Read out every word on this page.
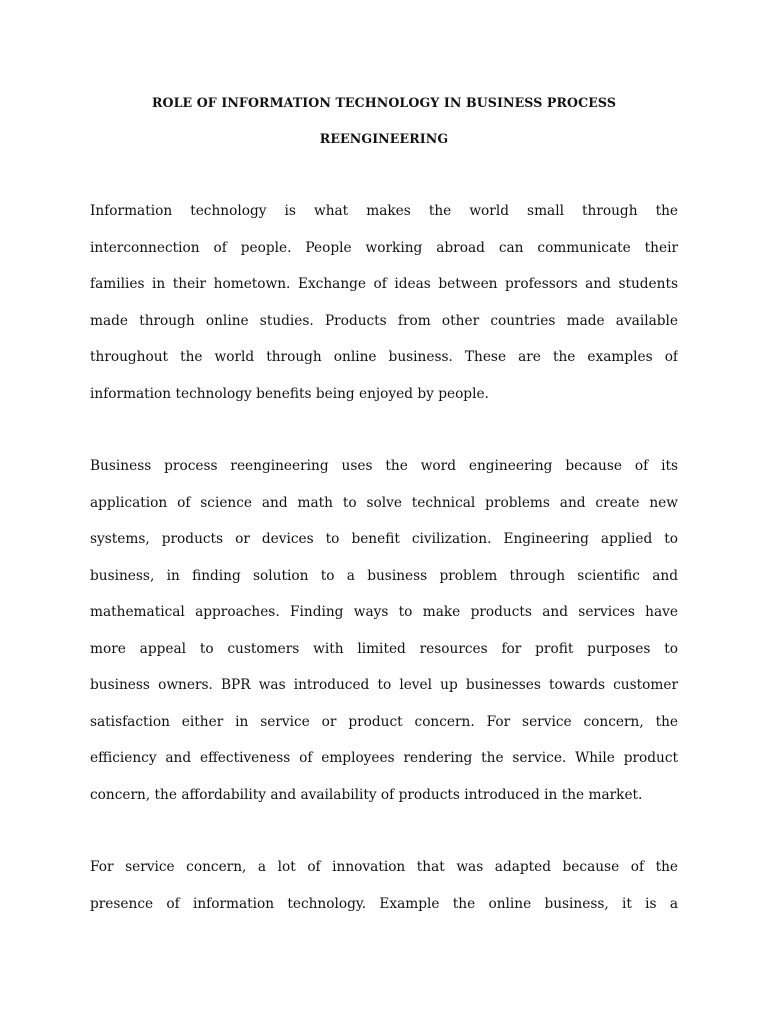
ROLE OF INFORMATION TECHNOLOGY IN BUSINESS PROCESS
REENGINEERING

Information technology is what makes the world small through the
interconnection of people. People working abroad can communicate their
families in their hometown. Exchange of ideas between professors and students
made through online studies. Products from other countries made available
throughout the world through online business. These are the examples of
information technology benefits being enjoyed by people.

Business process reengineering uses the word engineering because of its
application of science and math to solve technical problems and create new
systems, products or devices to benefit civilization. Engineering applied to
business, in finding solution to a business problem through scientific and
mathematical approaches. Finding ways to make products and services have
more appeal to customers with limited resources for profit purposes to
business owners. BPR was introduced to level up businesses towards customer
satisfaction either in service or product concern. For service concern, the
efficiency and effectiveness of employees rendering the service. While product
concern, the affordability and availability of products introduced in the market.

For service concern, a lot of innovation that was adapted because of the
presence of information technology. Example the online business, it is a
